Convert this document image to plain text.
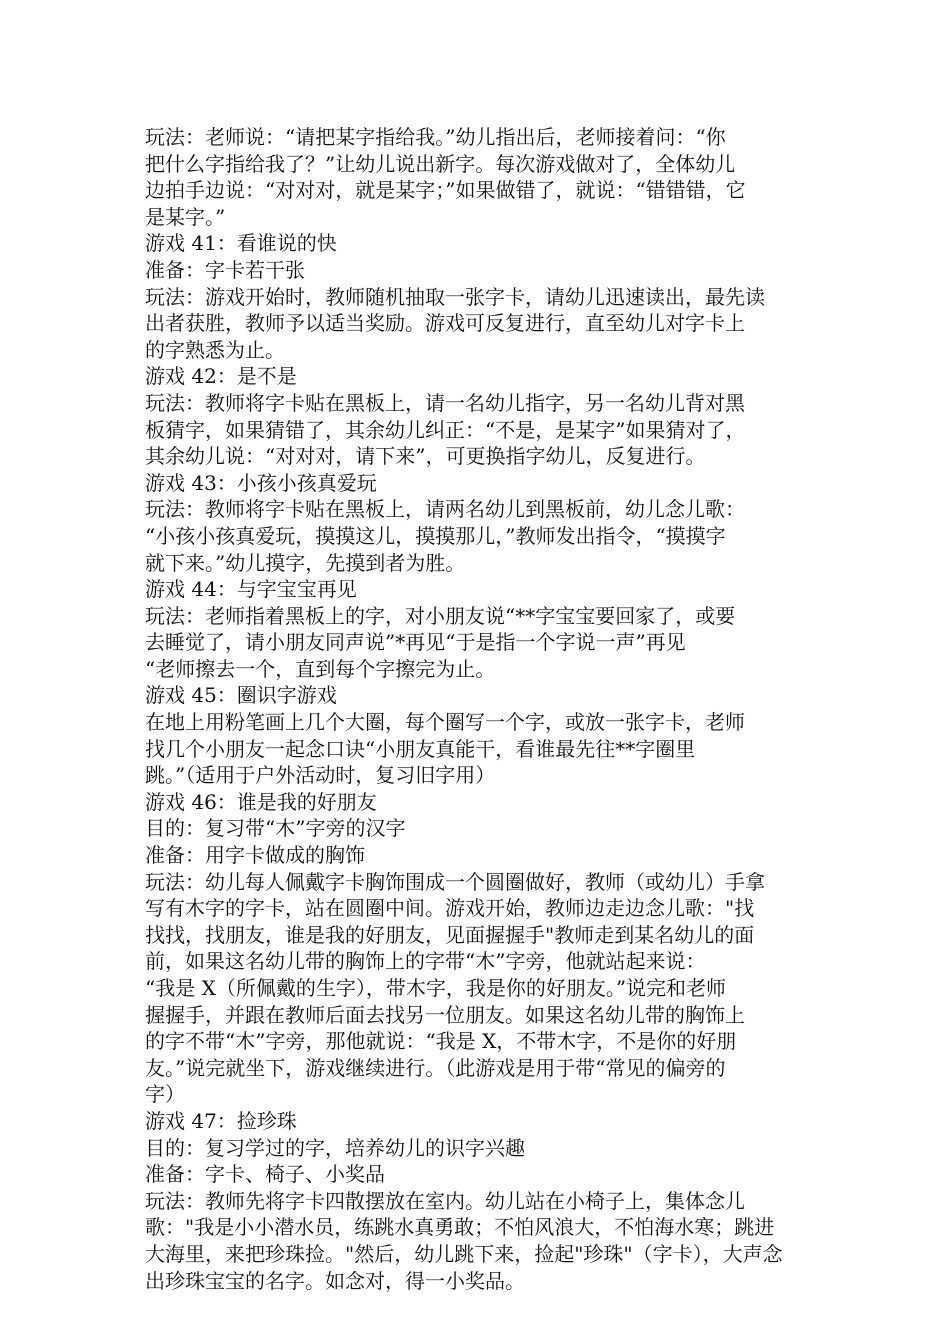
玩法：老师说：“请把某字指给我。”幼儿指出后，老师接着问：“你
把什么字指给我了？”让幼儿说出新字。每次游戏做对了，全体幼儿
边拍手边说：“对对对，就是某字；”如果做错了，就说：“错错错，它
是某字。”
游戏 41：看谁说的快
准备：字卡若干张
玩法：游戏开始时，教师随机抽取一张字卡，请幼儿迅速读出，最先读
出者获胜，教师予以适当奖励。游戏可反复进行，直至幼儿对字卡上
的字熟悉为止。
游戏 42：是不是
玩法：教师将字卡贴在黑板上，请一名幼儿指字，另一名幼儿背对黑
板猜字，如果猜错了，其余幼儿纠正：“不是，是某字”如果猜对了，
其余幼儿说：“对对对，请下来”，可更换指字幼儿，反复进行。
游戏 43：小孩小孩真爱玩
玩法：教师将字卡贴在黑板上，请两名幼儿到黑板前，幼儿念儿歌：
“小孩小孩真爱玩，摸摸这儿，摸摸那儿，”教师发出指令，“摸摸字
就下来。”幼儿摸字，先摸到者为胜。
游戏 44：与字宝宝再见
玩法：老师指着黑板上的字，对小朋友说“**字宝宝要回家了，或要
去睡觉了，请小朋友同声说”*再见“于是指一个字说一声”再见
“老师擦去一个，直到每个字擦完为止。
游戏 45：圈识字游戏
在地上用粉笔画上几个大圈，每个圈写一个字，或放一张字卡，老师
找几个小朋友一起念口诀“小朋友真能干，看谁最先往**字圈里
跳。”（适用于户外活动时，复习旧字用）
游戏 46：谁是我的好朋友
目的：复习带“木”字旁的汉字
准备：用字卡做成的胸饰
玩法：幼儿每人佩戴字卡胸饰围成一个圆圈做好，教师（或幼儿）手拿
写有木字的字卡，站在圆圈中间。游戏开始，教师边走边念儿歌："找
找找，找朋友，谁是我的好朋友，见面握握手"教师走到某名幼儿的面
前，如果这名幼儿带的胸饰上的字带“木”字旁，他就站起来说：
“我是 X（所佩戴的生字），带木字，我是你的好朋友。”说完和老师
握握手，并跟在教师后面去找另一位朋友。如果这名幼儿带的胸饰上
的字不带“木”字旁，那他就说：“我是 X，不带木字，不是你的好朋
友。”说完就坐下，游戏继续进行。（此游戏是用于带“常见的偏旁的
字）
游戏 47：捡珍珠
目的：复习学过的字，培养幼儿的识字兴趣
准备：字卡、椅子、小奖品
玩法：教师先将字卡四散摆放在室内。幼儿站在小椅子上，集体念儿
歌："我是小小潜水员，练跳水真勇敢；不怕风浪大，不怕海水寒；跳进
大海里，来把珍珠捡。"然后，幼儿跳下来，捡起"珍珠"（字卡），大声念
出珍珠宝宝的名字。如念对，得一小奖品。
